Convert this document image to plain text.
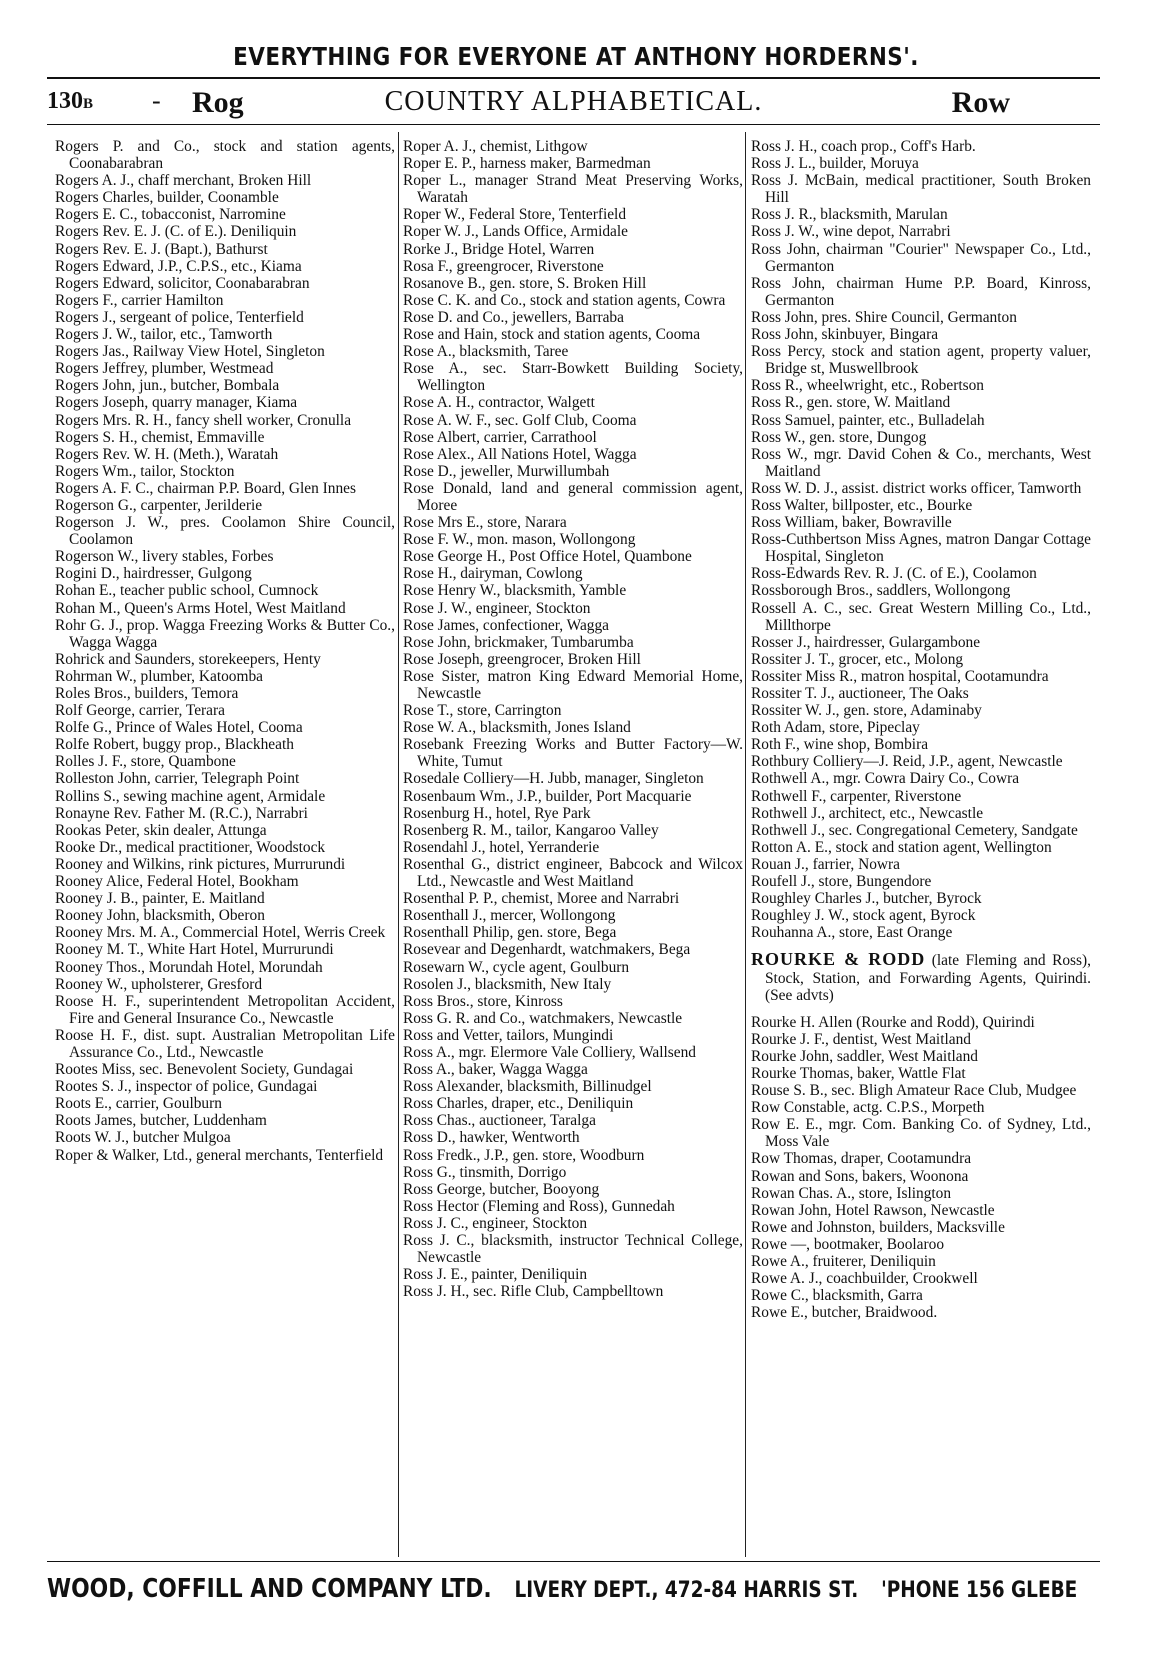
EVERYTHING FOR EVERYONE AT ANTHONY HORDERNS'.
130B - Rog	COUNTRY ALPHABETICAL.	Row

Rogers P. and Co., stock and station agents, Coonabarabran

Rogers A. J., chaff merchant, Broken Hill

Rogers Charles, builder, Coonamble

Rogers E. C., tobacconist, Narromine

Rogers Rev. E. J. (C. of E.). Deniliquin

Rogers Rev. E. J. (Bapt.), Bathurst

Rogers Edward, J.P., C.P.S., etc., Kiama

Rogers Edward, solicitor, Coonabarabran

Rogers F., carrier Hamilton

Rogers J., sergeant of police, Tenterfield

Rogers J. W., tailor, etc., Tamworth

Rogers Jas., Railway View Hotel, Singleton

Rogers Jeffrey, plumber, Westmead

Rogers John, jun., butcher, Bombala

Rogers Joseph, quarry manager, Kiama

Rogers Mrs. R. H., fancy shell worker, Cronulla

Rogers S. H., chemist, Emmaville

Rogers Rev. W. H. (Meth.), Waratah

Rogers Wm., tailor, Stockton

Rogers A. F. C., chairman P.P. Board, Glen Innes

Rogerson G., carpenter, Jerilderie

Rogerson J. W., pres. Coolamon Shire Council, Coolamon

Rogerson W., livery stables, Forbes

Rogini D., hairdresser, Gulgong

Rohan E., teacher public school, Cumnock

Rohan M., Queen's Arms Hotel, West Maitland

Rohr G. J., prop. Wagga Freezing Works & Butter Co., Wagga Wagga

Rohrick and Saunders, storekeepers, Henty

Rohrman W., plumber, Katoomba

Roles Bros., builders, Temora

Rolf George, carrier, Terara

Rolfe G., Prince of Wales Hotel, Cooma

Rolfe Robert, buggy prop., Blackheath

Rolles J. F., store, Quambone

Rolleston John, carrier, Telegraph Point

Rollins S., sewing machine agent, Armidale

Ronayne Rev. Father M. (R.C.), Narrabri

Rookas Peter, skin dealer, Attunga

Rooke Dr., medical practitioner, Woodstock

Rooney and Wilkins, rink pictures, Murrurundi

Rooney Alice, Federal Hotel, Bookham

Rooney J. B., painter, E. Maitland

Rooney John, blacksmith, Oberon

Rooney Mrs. M. A., Commercial Hotel, Werris Creek

Rooney M. T., White Hart Hotel, Murrurundi

Rooney Thos., Morundah Hotel, Morundah

Rooney W., upholsterer, Gresford

Roose H. F., superintendent Metropolitan Accident, Fire and General Insurance Co., Newcastle

Roose H. F., dist. supt. Australian Metropolitan Life Assurance Co., Ltd., Newcastle

Rootes Miss, sec. Benevolent Society, Gundagai

Rootes S. J., inspector of police, Gundagai

Roots E., carrier, Goulburn

Roots James, butcher, Luddenham

Roots W. J., butcher Mulgoa

Roper & Walker, Ltd., general merchants, Tenterfield

Roper A. J., chemist, Lithgow

Roper E. P., harness maker, Barmedman

Roper L., manager Strand Meat Preserving Works, Waratah

Roper W., Federal Store, Tenterfield

Roper W. J., Lands Office, Armidale

Rorke J., Bridge Hotel, Warren

Rosa F., greengrocer, Riverstone

Rosanove B., gen. store, S. Broken Hill

Rose C. K. and Co., stock and station agents, Cowra

Rose D. and Co., jewellers, Barraba

Rose and Hain, stock and station agents, Cooma

Rose A., blacksmith, Taree

Rose A., sec. Starr-Bowkett Building Society, Wellington

Rose A. H., contractor, Walgett

Rose A. W. F., sec. Golf Club, Cooma

Rose Albert, carrier, Carrathool

Rose Alex., All Nations Hotel, Wagga

Rose D., jeweller, Murwillumbah

Rose Donald, land and general commission agent, Moree

Rose Mrs E., store, Narara

Rose F. W., mon. mason, Wollongong

Rose George H., Post Office Hotel, Quambone

Rose H., dairyman, Cowlong

Rose Henry W., blacksmith, Yamble

Rose J. W., engineer, Stockton

Rose James, confectioner, Wagga

Rose John, brickmaker, Tumbarumba

Rose Joseph, greengrocer, Broken Hill

Rose Sister, matron King Edward Memorial Home, Newcastle

Rose T., store, Carrington

Rose W. A., blacksmith, Jones Island

Rosebank Freezing Works and Butter Factory—W. White, Tumut

Rosedale Colliery—H. Jubb, manager, Singleton

Rosenbaum Wm., J.P., builder, Port Macquarie

Rosenburg H., hotel, Rye Park

Rosenberg R. M., tailor, Kangaroo Valley

Rosendahl J., hotel, Yerranderie

Rosenthal G., district engineer, Babcock and Wilcox Ltd., Newcastle and West Maitland

Rosenthal P. P., chemist, Moree and Narrabri

Rosenthall J., mercer, Wollongong

Rosenthall Philip, gen. store, Bega

Rosevear and Degenhardt, watchmakers, Bega

Rosewarn W., cycle agent, Goulburn

Rosolen J., blacksmith, New Italy

Ross Bros., store, Kinross

Ross G. R. and Co., watchmakers, Newcastle

Ross and Vetter, tailors, Mungindi

Ross A., mgr. Elermore Vale Colliery, Wallsend

Ross A., baker, Wagga Wagga

Ross Alexander, blacksmith, Billinudgel

Ross Charles, draper, etc., Deniliquin

Ross Chas., auctioneer, Taralga

Ross D., hawker, Wentworth

Ross Fredk., J.P., gen. store, Woodburn

Ross G., tinsmith, Dorrigo

Ross George, butcher, Booyong

Ross Hector (Fleming and Ross), Gunnedah

Ross J. C., engineer, Stockton

Ross J. C., blacksmith, instructor Technical College, Newcastle

Ross J. E., painter, Deniliquin

Ross J. H., sec. Rifle Club, Campbelltown

Ross J. H., coach prop., Coff's Harb.

Ross J. L., builder, Moruya

Ross J. McBain, medical practitioner, South Broken Hill

Ross J. R., blacksmith, Marulan

Ross J. W., wine depot, Narrabri

Ross John, chairman "Courier" Newspaper Co., Ltd., Germanton

Ross John, chairman Hume P.P. Board, Kinross, Germanton

Ross John, pres. Shire Council, Germanton

Ross John, skinbuyer, Bingara

Ross Percy, stock and station agent, property valuer, Bridge st, Muswellbrook

Ross R., wheelwright, etc., Robertson

Ross R., gen. store, W. Maitland

Ross Samuel, painter, etc., Bulladelah

Ross W., gen. store, Dungog

Ross W., mgr. David Cohen & Co., merchants, West Maitland

Ross W. D. J., assist. district works officer, Tamworth

Ross Walter, billposter, etc., Bourke

Ross William, baker, Bowraville

Ross-Cuthbertson Miss Agnes, matron Dangar Cottage Hospital, Singleton

Ross-Edwards Rev. R. J. (C. of E.), Coolamon

Rossborough Bros., saddlers, Wollongong

Rossell A. C., sec. Great Western Milling Co., Ltd., Millthorpe

Rosser J., hairdresser, Gulargambone

Rossiter J. T., grocer, etc., Molong

Rossiter Miss R., matron hospital, Cootamundra

Rossiter T. J., auctioneer, The Oaks

Rossiter W. J., gen. store, Adaminaby

Roth Adam, store, Pipeclay

Roth F., wine shop, Bombira

Rothbury Colliery—J. Reid, J.P., agent, Newcastle

Rothwell A., mgr. Cowra Dairy Co., Cowra

Rothwell F., carpenter, Riverstone

Rothwell J., architect, etc., Newcastle

Rothwell J., sec. Congregational Cemetery, Sandgate

Rotton A. E., stock and station agent, Wellington

Rouan J., farrier, Nowra

Roufell J., store, Bungendore

Roughley Charles J., butcher, Byrock

Roughley J. W., stock agent, Byrock

Rouhanna A., store, East Orange

ROURKE & RODD (late Fleming and Ross), Stock, Station, and Forwarding Agents, Quirindi. (See advts)

Rourke H. Allen (Rourke and Rodd), Quirindi

Rourke J. F., dentist, West Maitland

Rourke John, saddler, West Maitland

Rourke Thomas, baker, Wattle Flat

Rouse S. B., sec. Bligh Amateur Race Club, Mudgee

Row Constable, actg. C.P.S., Morpeth

Row E. E., mgr. Com. Banking Co. of Sydney, Ltd., Moss Vale

Row Thomas, draper, Cootamundra

Rowan and Sons, bakers, Woonona

Rowan Chas. A., store, Islington

Rowan John, Hotel Rawson, Newcastle

Rowe and Johnston, builders, Macksville

Rowe —, bootmaker, Boolaroo

Rowe A., fruiterer, Deniliquin

Rowe A. J., coachbuilder, Crookwell

Rowe C., blacksmith, Garra

Rowe E., butcher, Braidwood.

WOOD, COFFILL AND COMPANY LTD. LIVERY DEPT., 472-84 HARRIS ST. 'PHONE 156 GLEBE
